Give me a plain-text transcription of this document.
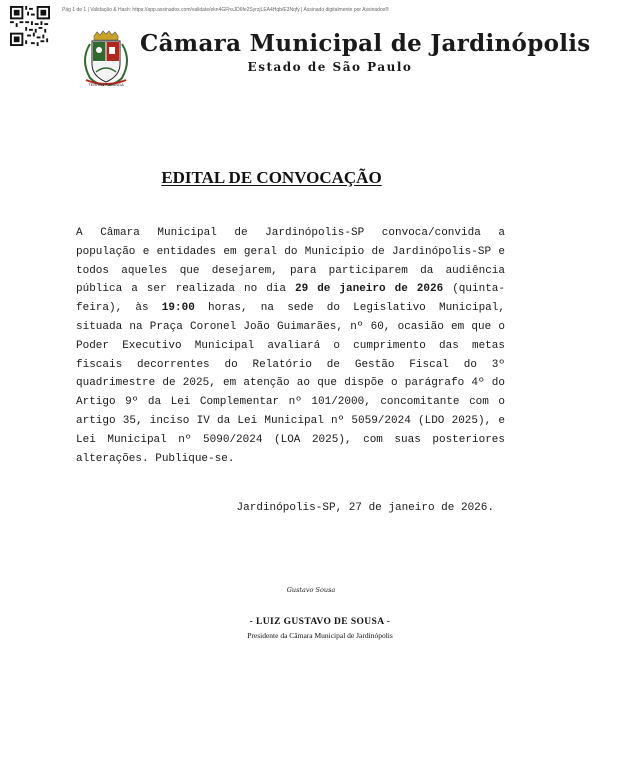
Pág 1 de 1 | Validação & Hash: https://app.assinados.com/validate/ekn4GFhsJD6fe2SyrzjLEA4Hqb/E3Nqfy | Assinado digitalmente por Assinados®
TERRA DA MANGA
Câmara Municipal de Jardinópolis
Estado de São Paulo
EDITAL DE CONVOCAÇÃO

A Câmara Municipal de Jardinópolis-SP convoca/convida a população e entidades em geral do Município de Jardinópolis-SP e todos aqueles que desejarem, para participarem da audiência pública a ser realizada no dia 29 de janeiro de 2026 (quinta-feira), às 19:00 horas, na sede do Legislativo Municipal, situada na Praça Coronel João Guimarães, nº 60, ocasião em que o Poder Executivo Municipal avaliará o cumprimento das metas fiscais decorrentes do Relatório de Gestão Fiscal do 3º quadrimestre de 2025, em atenção ao que dispõe o parágrafo 4º do Artigo 9º da Lei Complementar nº 101/2000, concomitante com o artigo 35, inciso IV da Lei Municipal nº 5059/2024 (LDO 2025), e Lei Municipal nº 5090/2024 (LOA 2025), com suas posteriores alterações. Publique-se.

Jardinópolis-SP, 27 de janeiro de 2026.
Gustavo Sousa
- LUIZ GUSTAVO DE SOUSA -
Presidente da Câmara Municipal de Jardinópolis
